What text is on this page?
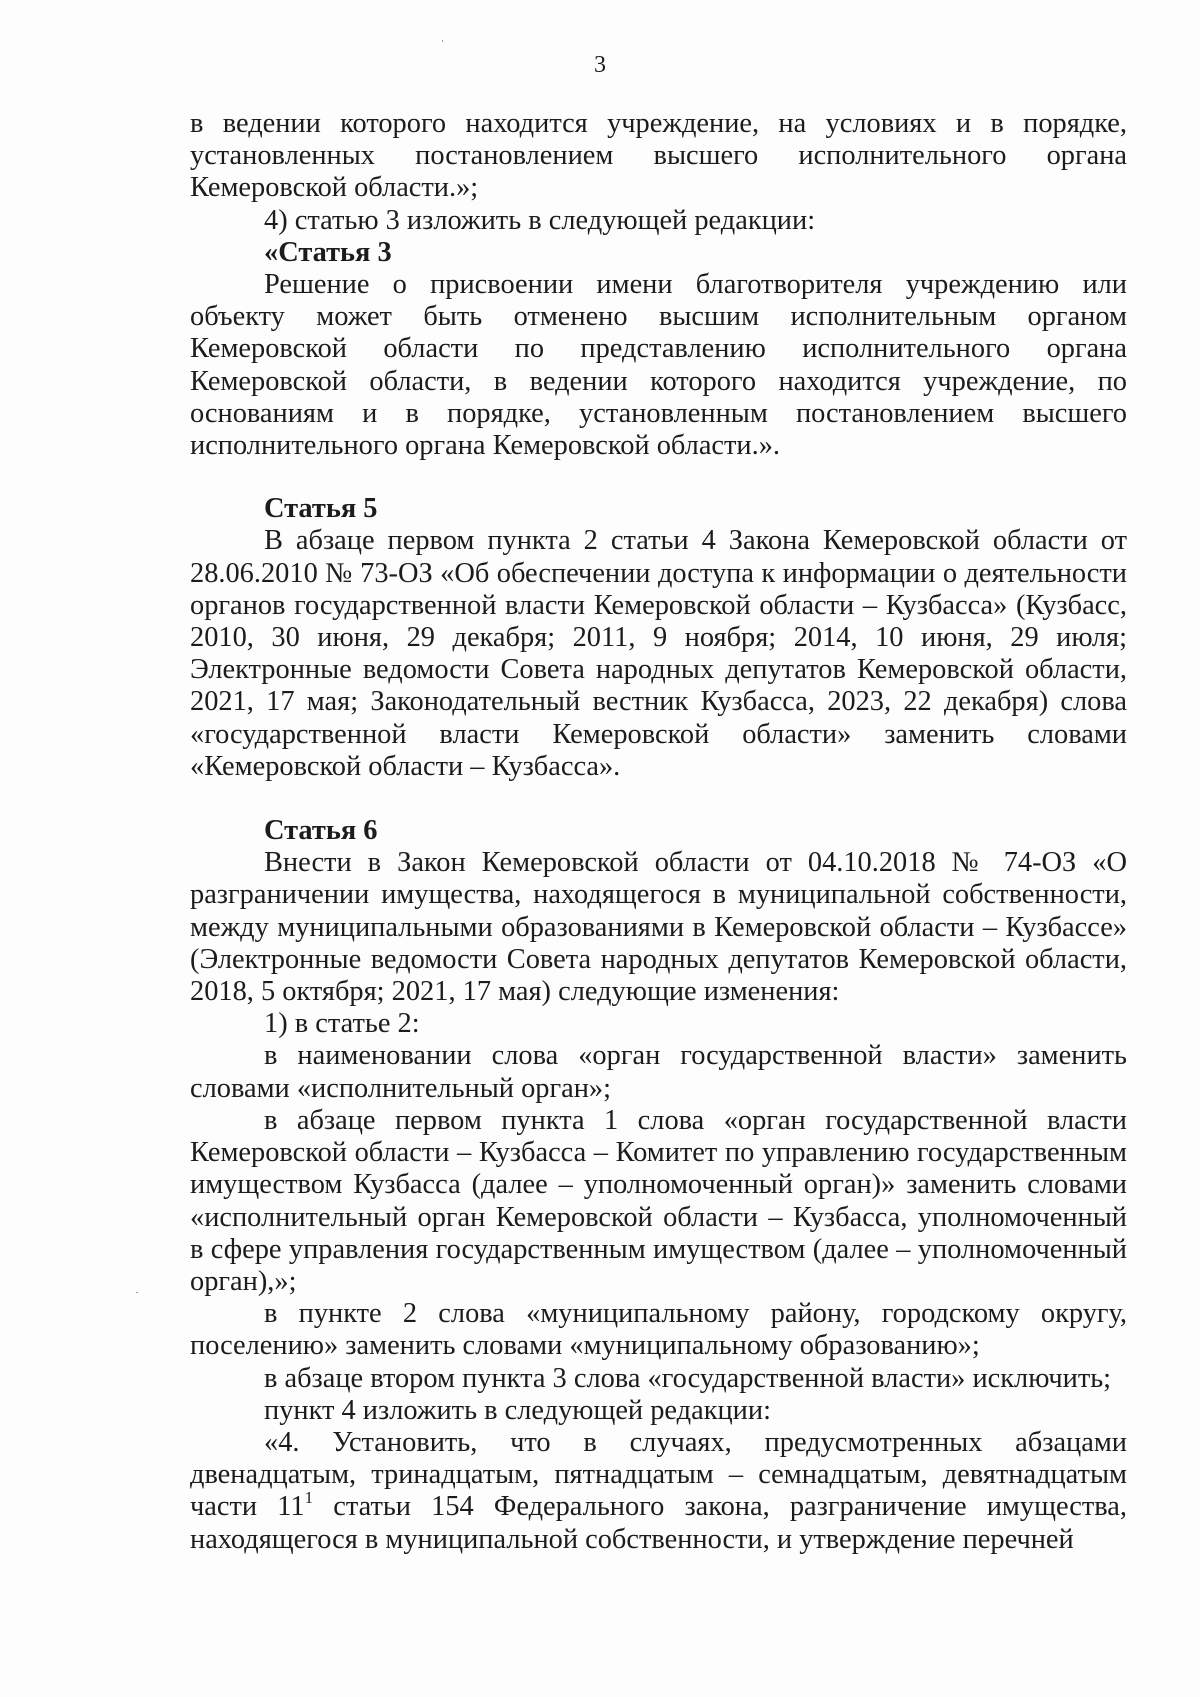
3

в ведении которого находится учреждение, на условиях и в порядке, установленных постановлением высшего исполнительного органа Кемеровской области.»;

4) статью 3 изложить в следующей редакции:

«Статья 3

Решение о присвоении имени благотворителя учреждению или объекту может быть отменено высшим исполнительным органом Кемеровской области по представлению исполнительного органа Кемеровской области, в ведении которого находится учреждение, по основаниям и в порядке, установленным постановлением высшего исполнительного органа Кемеровской области.».

Статья 5

В абзаце первом пункта 2 статьи 4 Закона Кемеровской области от 28.06.2010 № 73-ОЗ «Об обеспечении доступа к информации о деятельности органов государственной власти Кемеровской области – Кузбасса» (Кузбасс, 2010, 30 июня, 29 декабря; 2011, 9 ноября; 2014, 10 июня, 29 июля; Электронные ведомости Совета народных депутатов Кемеровской области, 2021, 17 мая; Законодательный вестник Кузбасса, 2023, 22 декабря) слова «государственной власти Кемеровской области» заменить словами «Кемеровской области – Кузбасса».

Статья 6

Внести в Закон Кемеровской области от 04.10.2018 № 74-ОЗ «О разграничении имущества, находящегося в муниципальной собственности, между муниципальными образованиями в Кемеровской области – Кузбассе» (Электронные ведомости Совета народных депутатов Кемеровской области, 2018, 5 октября; 2021, 17 мая) следующие изменения:

1) в статье 2:

в наименовании слова «орган государственной власти» заменить словами «исполнительный орган»;

в абзаце первом пункта 1 слова «орган государственной власти Кемеровской области – Кузбасса – Комитет по управлению государственным имуществом Кузбасса (далее – уполномоченный орган)» заменить словами «исполнительный орган Кемеровской области – Кузбасса, уполномоченный в сфере управления государственным имуществом (далее – уполномоченный орган),»;

в пункте 2 слова «муниципальному району, городскому округу, поселению» заменить словами «муниципальному образованию»;

в абзаце втором пункта 3 слова «государственной власти» исключить;

пункт 4 изложить в следующей редакции:

«4. Установить, что в случаях, предусмотренных абзацами двенадцатым, тринадцатым, пятнадцатым – семнадцатым, девятнадцатым части $11^1$ статьи 154 Федерального закона, разграничение имущества, находящегося в муниципальной собственности, и утверждение перечней
